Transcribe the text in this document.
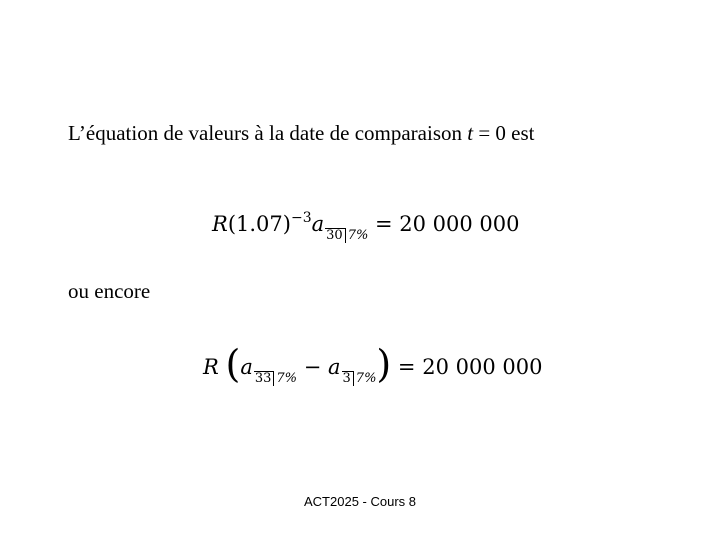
L’équation de valeurs à la date de comparaison t = 0 est
$R(1.07)^{-3}a$ 30 7% = 20 000 000
ou encore
R (a 33 7% − a 3 7%) = 20 000 000
ACT2025 - Cours 8
